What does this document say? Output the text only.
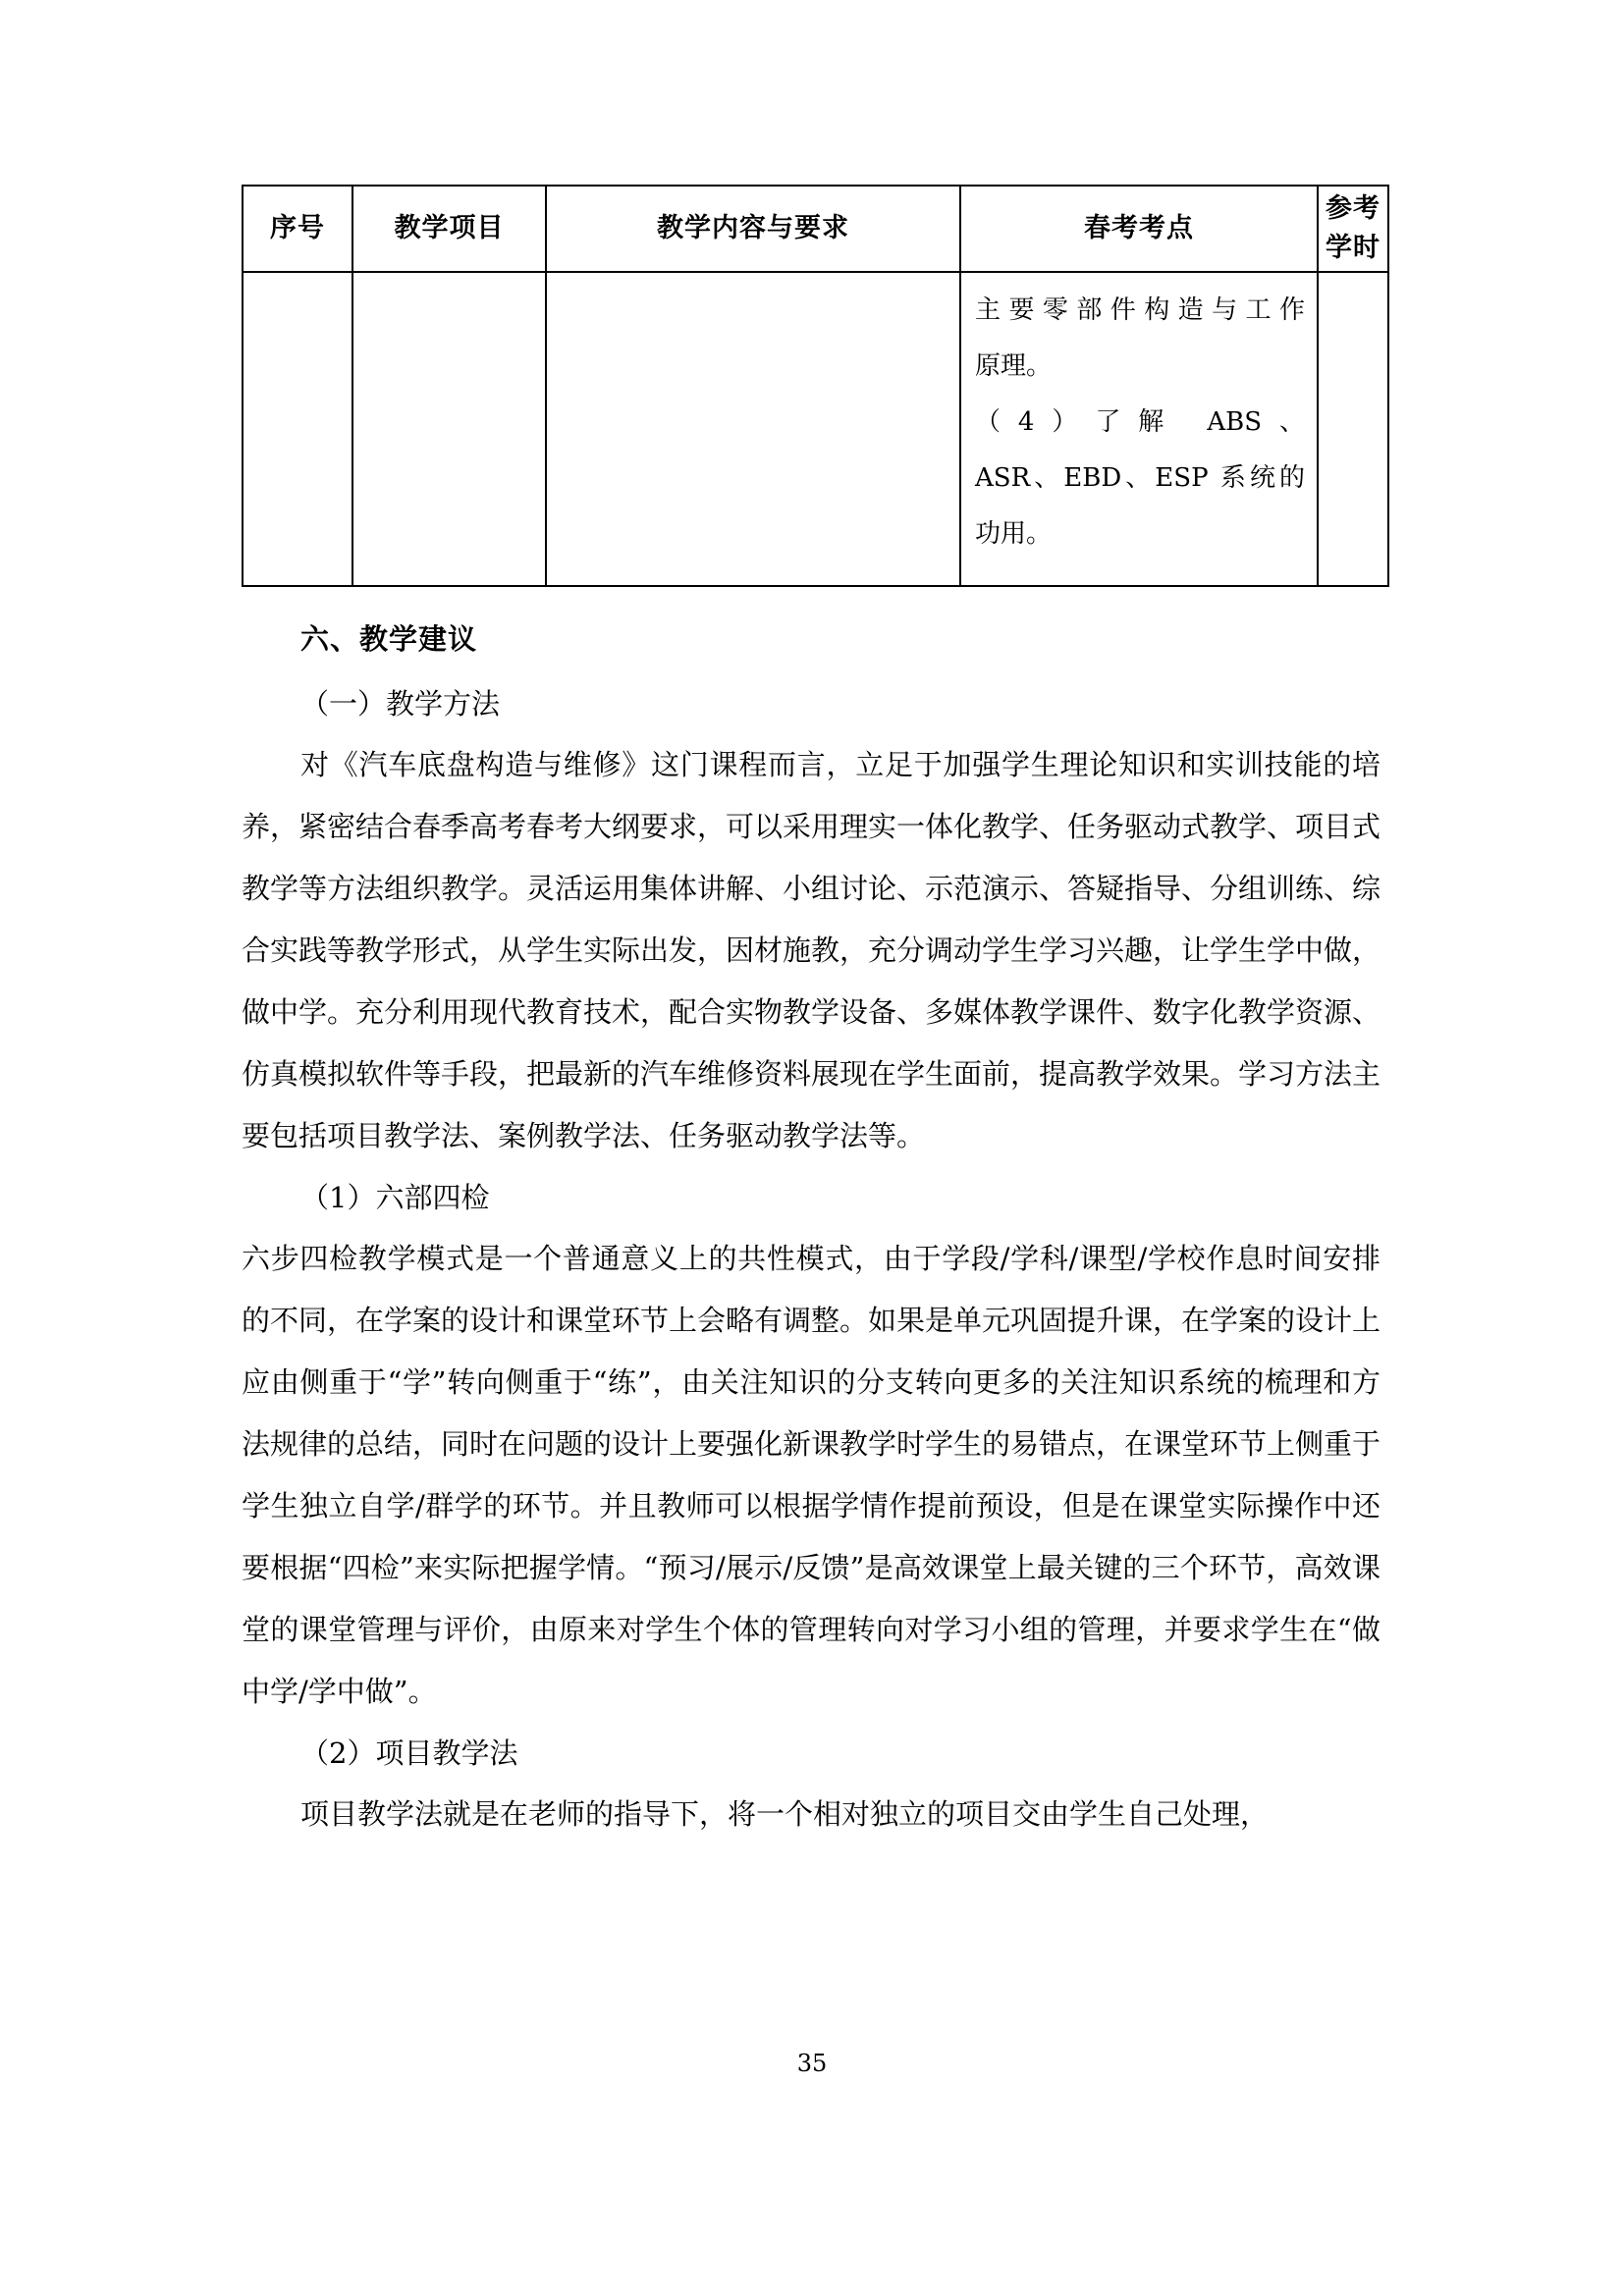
序号	教学项目	教学内容与要求	春考考点	参考
学时

			主要零部件构造与工作

原理。

（4）了解 ABS、

ASR、EBD、ESP 系统的

功用。	

六、教学建议
（一）教学方法

对《汽车底盘构造与维修》这门课程而言，立足于加强学生理论知识和实训技能的培养，紧密结合春季高考春考大纲要求，可以采用理实一体化教学、任务驱动式教学、项目式教学等方法组织教学。灵活运用集体讲解、小组讨论、示范演示、答疑指导、分组训练、综合实践等教学形式，从学生实际出发，因材施教，充分调动学生学习兴趣，让学生学中做，做中学。充分利用现代教育技术，配合实物教学设备、多媒体教学课件、数字化教学资源、仿真模拟软件等手段，把最新的汽车维修资料展现在学生面前，提高教学效果。学习方法主要包括项目教学法、案例教学法、任务驱动教学法等。

（1）六部四检

六步四检教学模式是一个普通意义上的共性模式，由于学段/学科/课型/学校作息时间安排的不同，在学案的设计和课堂环节上会略有调整。如果是单元巩固提升课，在学案的设计上应由侧重于“学”转向侧重于“练”，由关注知识的分支转向更多的关注知识系统的梳理和方法规律的总结，同时在问题的设计上要强化新课教学时学生的易错点，在课堂环节上侧重于学生独立自学/群学的环节。并且教师可以根据学情作提前预设，但是在课堂实际操作中还要根据“四检”来实际把握学情。“预习/展示/反馈”是高效课堂上最关键的三个环节，高效课堂的课堂管理与评价，由原来对学生个体的管理转向对学习小组的管理，并要求学生在“做中学/学中做”。

（2）项目教学法

项目教学法就是在老师的指导下，将一个相对独立的项目交由学生自己处理，

35
